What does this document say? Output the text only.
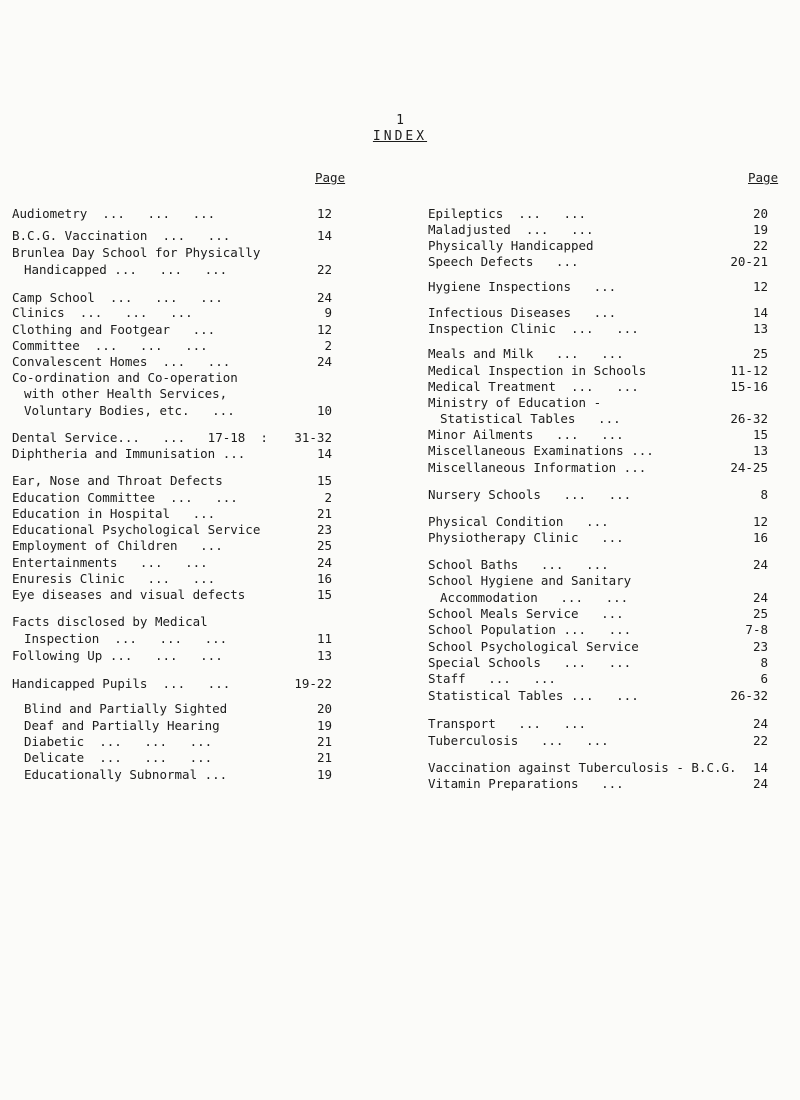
1
INDEX
Page	Page
Audiometry  ...   ...   ...	12
B.C.G. Vaccination  ...   ...	14
Brunlea Day School for Physically
Handicapped ...   ...   ...	22
Camp School  ...   ...   ...	24
Clinics  ...   ...   ...	9
Clothing and Footgear   ...	12
Committee  ...   ...   ...	2
Convalescent Homes  ...   ...	24
Co-ordination and Co-operation
with other Health Services,
Voluntary Bodies, etc.   ...	10
Dental Service...   ...   17-18  : 31-32
Diphtheria and Immunisation ...	14
Ear, Nose and Throat Defects	15
Education Committee  ...   ...	2
Education in Hospital   ...	21
Educational Psychological Service	23
Employment of Children   ...	25
Entertainments   ...   ...	24
Enuresis Clinic   ...   ...	16
Eye diseases and visual defects	15
Facts disclosed by Medical
Inspection  ...   ...   ...	11
Following Up ...   ...   ...	13
Handicapped Pupils  ...   ...	19-22
Blind and Partially Sighted	20
Deaf and Partially Hearing	19
Diabetic  ...   ...   ...	21
Delicate  ...   ...   ...	21
Educationally Subnormal ...	19
Epileptics  ...   ...	20
Maladjusted  ...   ...	19
Physically Handicapped	22
Speech Defects   ...	20-21
Hygiene Inspections   ...	12
Infectious Diseases   ...	14
Inspection Clinic  ...   ...	13
Meals and Milk   ...   ...	25
Medical Inspection in Schools	11-12
Medical Treatment  ...   ...	15-16
Ministry of Education -
Statistical Tables   ...	26-32
Minor Ailments   ...   ...	15
Miscellaneous Examinations ...	13
Miscellaneous Information ...	24-25
Nursery Schools   ...   ...	8
Physical Condition   ...	12
Physiotherapy Clinic   ...	16
School Baths   ...   ...	24
School Hygiene and Sanitary
Accommodation   ...   ...	24
School Meals Service   ...	25
School Population ...   ...	7-8
School Psychological Service	23
Special Schools   ...   ...	8
Staff   ...   ...	6
Statistical Tables ...   ...	26-32
Transport   ...   ...	24
Tuberculosis   ...   ...	22
Vaccination against Tuberculosis - B.C.G. 14
Vitamin Preparations   ...	24
